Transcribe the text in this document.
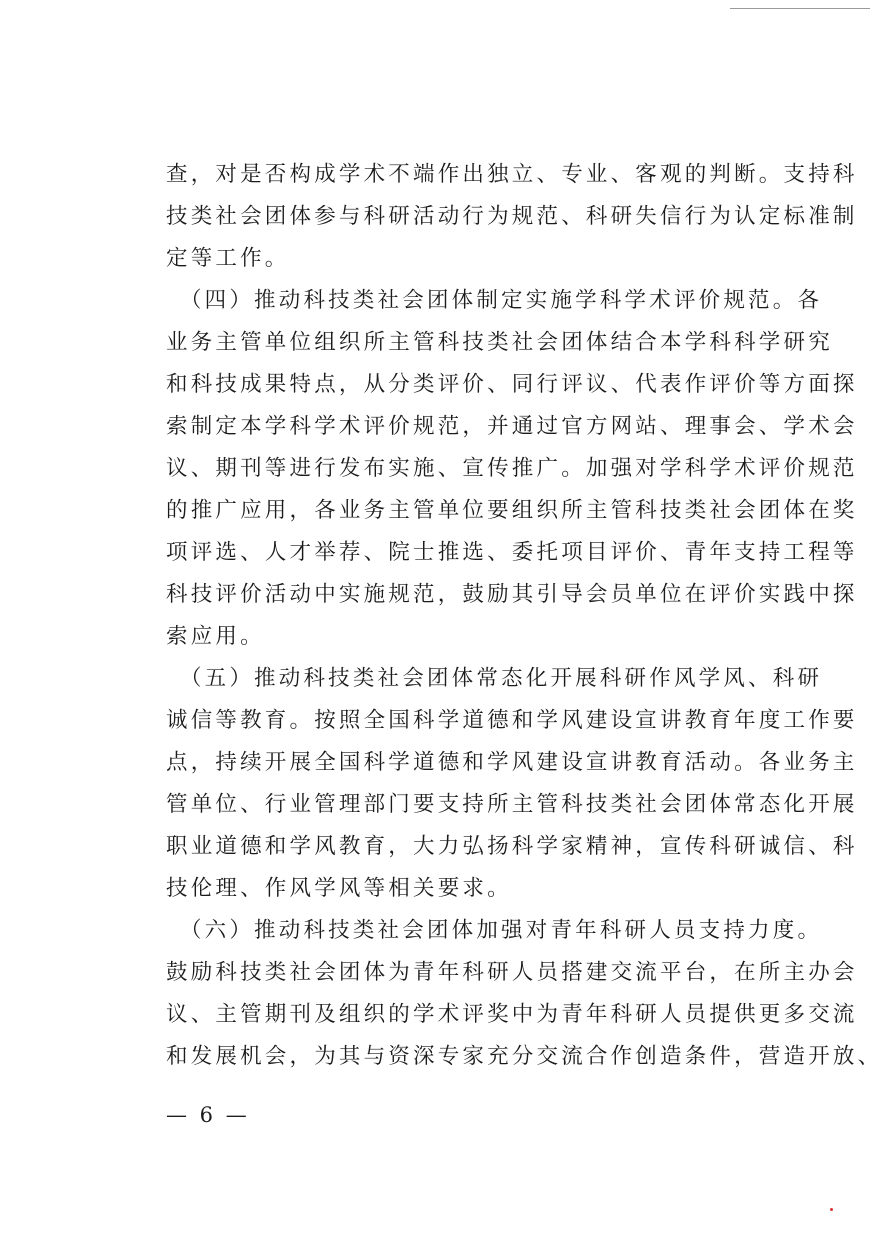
查，对是否构成学术不端作出独立、专业、客观的判断。支持科
技类社会团体参与科研活动行为规范、科研失信行为认定标准制
定等工作。
　（四）推动科技类社会团体制定实施学科学术评价规范。各
业务主管单位组织所主管科技类社会团体结合本学科科学研究
和科技成果特点，从分类评价、同行评议、代表作评价等方面探
索制定本学科学术评价规范，并通过官方网站、理事会、学术会
议、期刊等进行发布实施、宣传推广。加强对学科学术评价规范
的推广应用，各业务主管单位要组织所主管科技类社会团体在奖
项评选、人才举荐、院士推选、委托项目评价、青年支持工程等
科技评价活动中实施规范，鼓励其引导会员单位在评价实践中探
索应用。
　（五）推动科技类社会团体常态化开展科研作风学风、科研
诚信等教育。按照全国科学道德和学风建设宣讲教育年度工作要
点，持续开展全国科学道德和学风建设宣讲教育活动。各业务主
管单位、行业管理部门要支持所主管科技类社会团体常态化开展
职业道德和学风教育，大力弘扬科学家精神，宣传科研诚信、科
技伦理、作风学风等相关要求。
　（六）推动科技类社会团体加强对青年科研人员支持力度。
鼓励科技类社会团体为青年科研人员搭建交流平台，在所主办会
议、主管期刊及组织的学术评奖中为青年科研人员提供更多交流
和发展机会，为其与资深专家充分交流合作创造条件，营造开放、
— 6 —
